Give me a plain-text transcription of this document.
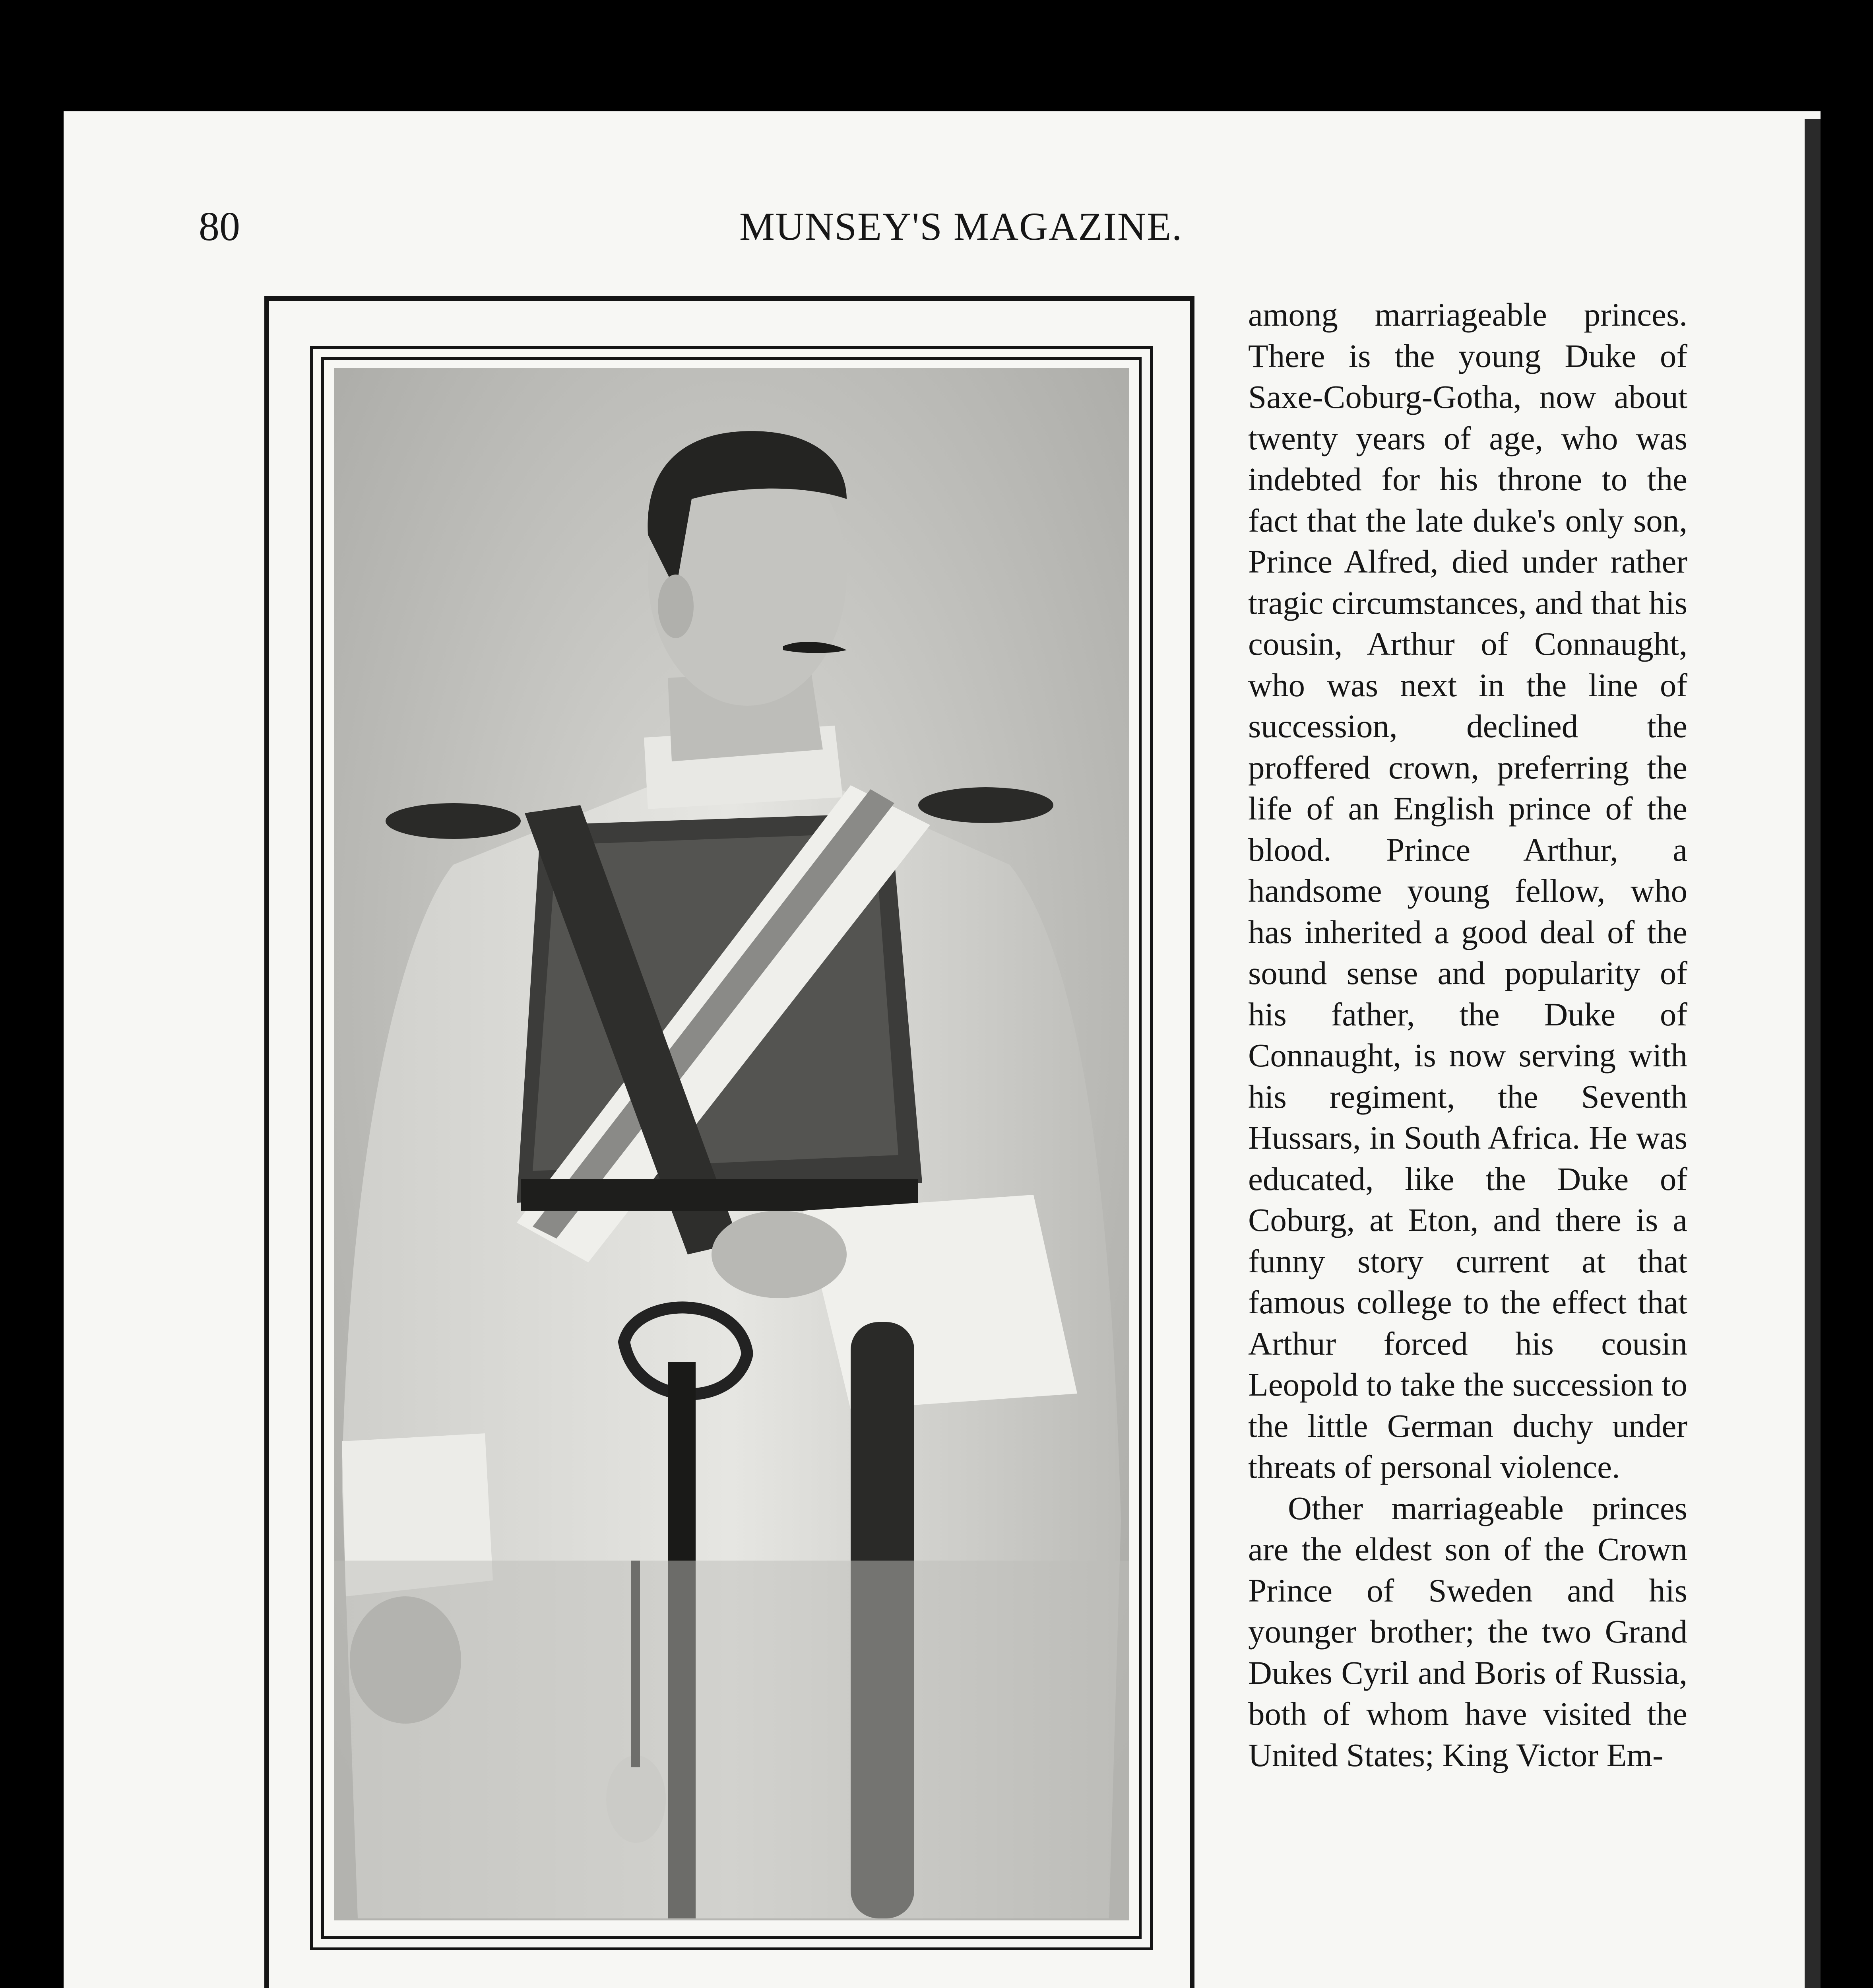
80	MUNSEY'S MAGAZINE.

among marriageable princes. There is the young Duke of Saxe-Coburg-Gotha, now about twenty years of age, who was indebted for his throne to the fact that the late duke's only son, Prince Alfred, died under rather tragic circumstances, and that his cousin, Arthur of Connaught, who was next in the line of succession, declined the proffered crown, preferring the life of an English prince of the blood. Prince Arthur, a handsome young fellow, who has inherited a good deal of the sound sense and popularity of his father, the Duke of Connaught, is now serving with his regiment, the Seventh Hussars, in South Africa. He was educated, like the Duke of Coburg, at Eton, and there is a funny story current at that famous college to the effect that Arthur forced his cousin Leopold to take the succession to the little German duchy under threats of personal violence.

Other marriageable princes are the eldest son of the Crown Prince of Sweden and his younger brother; the two Grand Dukes Cyril and Boris of Russia, both of whom have visited the United States; King Victor Em-
